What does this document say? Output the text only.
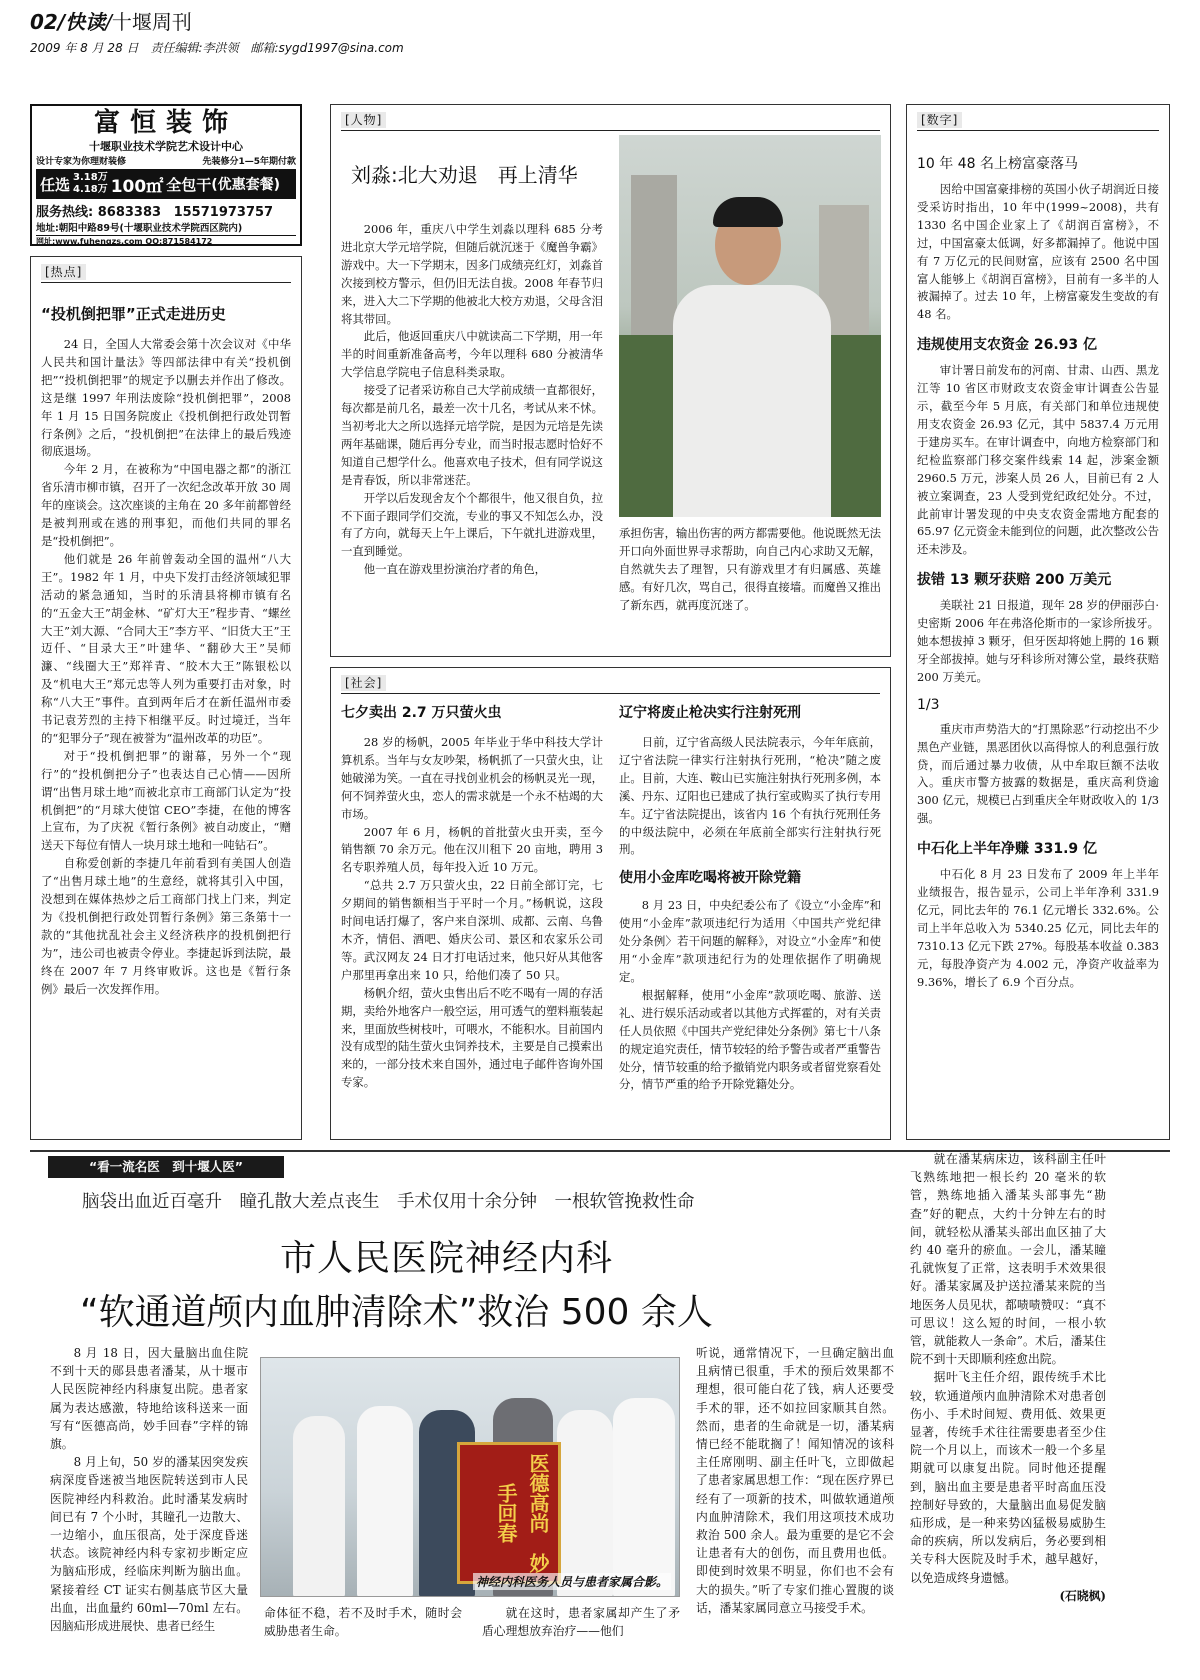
02/快读/十堰周刊
2009 年 8 月 28 日　责任编辑:李洪领　邮箱:sygd1997@sina.com
富恒装饰
十堰职业技术学院艺术设计中心
设计专家为你理财装修	先装修分1—5年期付款
任选 3.18万
4.18万 100㎡ 全包干 (优惠套餐)
服务热线: 8683383 15571973757
地址:朝阳中路89号(十堰职业技术学院西区院内)
网址:www.fuhengzs.com QQ:871584172
[热点]
“投机倒把罪”正式走进历史

24 日，全国人大常委会第十次会议对《中华人民共和国计量法》等四部法律中有关“投机倒把”“投机倒把罪”的规定予以删去并作出了修改。这是继 1997 年刑法废除“投机倒把罪”，2008 年 1 月 15 日国务院废止《投机倒把行政处罚暂行条例》之后，“投机倒把”在法律上的最后残迹彻底退场。

今年 2 月，在被称为“中国电器之都”的浙江省乐清市柳市镇，召开了一次纪念改革开放 30 周年的座谈会。这次座谈的主角在 20 多年前都曾经是被判刑或在逃的刑事犯，而他们共同的罪名是“投机倒把”。

他们就是 26 年前曾轰动全国的温州“八大王”。1982 年 1 月，中央下发打击经济领域犯罪活动的紧急通知，当时的乐清县将柳市镇有名的“五金大王”胡金林、“矿灯大王”程步青、“螺丝大王”刘大源、“合同大王”李方平、“旧货大王”王迈仟、“目录大王”叶建华、“翻砂大王”吴师濂、“线圈大王”郑祥青、“胶木大王”陈银松以及“机电大王”郑元忠等人列为重要打击对象，时称“八大王”事件。直到两年后才在新任温州市委书记袁芳烈的主持下相继平反。时过境迁，当年的“犯罪分子”现在被誉为“温州改革的功臣”。

对于“投机倒把罪”的谢幕，另外一个“现行”的“投机倒把分子”也表达自己心情——因所谓“出售月球土地”而被北京市工商部门认定为“投机倒把”的“月球大使馆 CEO”李捷，在他的博客上宣布，为了庆祝《暂行条例》被自动废止，“赠送天下每位有情人一块月球土地和一吨钻石”。

自称爱创新的李捷几年前看到有美国人创造了“出售月球土地”的生意经，就将其引入中国，没想到在媒体热炒之后工商部门找上门来，判定为《投机倒把行政处罚暂行条例》第三条第十一款的“其他扰乱社会主义经济秩序的投机倒把行为”，违公司也被责令停业。李捷起诉到法院，最终在 2007 年 7 月终审败诉。这也是《暂行条例》最后一次发挥作用。

[人物]
刘淼:北大劝退　再上清华

2006 年，重庆八中学生刘淼以理科 685 分考进北京大学元培学院，但随后就沉迷于《魔兽争霸》游戏中。大一下学期末，因多门成绩亮红灯，刘淼首次接到校方警示，但仍旧无法自拔。2008 年春节归来，进入大二下学期的他被北大校方劝退，父母含泪将其带回。

此后，他返回重庆八中就读高二下学期，用一年半的时间重新准备高考，今年以理科 680 分被清华大学信息学院电子信息科类录取。

接受了记者采访称自己大学前成绩一直都很好，每次都是前几名，最差一次十几名，考试从来不怵。当初考北大之所以选择元培学院，是因为元培是先读两年基础课，随后再分专业，而当时报志愿时恰好不知道自己想学什么。他喜欢电子技术，但有同学说这是青春饭，所以非常迷茫。

开学以后发现舍友个个都很牛，他又很自负，拉不下面子跟同学们交流，专业的事又不知怎么办，没有了方向，就每天上午上课后，下午就扎进游戏里，一直到睡觉。

他一直在游戏里扮演治疗者的角色，

承担伤害，输出伤害的两方都需要他。他说既然无法开口向外面世界寻求帮助，向自己内心求助又无解，自然就失去了理智，只有游戏里才有归属感、英雄感。有好几次，骂自己，很得直接墙。而魔兽又推出了新东西，就再度沉迷了。
[社会]
七夕卖出 2.7 万只萤火虫

28 岁的杨帆，2005 年毕业于华中科技大学计算机系。当年与女友吵架，杨帆抓了一只萤火虫，让她破涕为笑。一直在寻找创业机会的杨帆灵光一现，何不饲养萤火虫，恋人的需求就是一个永不枯竭的大市场。

2007 年 6 月，杨帆的首批萤火虫开卖，至今销售额 70 余万元。他在汉川租下 20 亩地，聘用 3 名专职养殖人员，每年投入近 10 万元。

“总共 2.7 万只萤火虫，22 日前全部订完，七夕期间的销售额相当于平时一个月。”杨帆说，这段时间电话打爆了，客户来自深圳、成都、云南、乌鲁木齐，情侣、酒吧、婚庆公司、景区和农家乐公司等。武汉网友 24 日才打电话过来，他只好从其他客户那里再拿出来 10 只，给他们凑了 50 只。

杨帆介绍，萤火虫售出后不吃不喝有一周的存活期，卖给外地客户一般空运，用可透气的塑料瓶装起来，里面放些树枝叶，可喂水，不能积水。目前国内没有成型的陆生萤火虫饲养技术，主要是自己摸索出来的，一部分技术来自国外，通过电子邮件咨询外国专家。

辽宁将废止枪决实行注射死刑

日前，辽宁省高级人民法院表示，今年年底前，辽宁省法院一律实行注射执行死刑，“枪决”随之废止。目前，大连、鞍山已实施注射执行死刑多例，本溪、丹东、辽阳也已建成了执行室或购买了执行专用车。辽宁省法院提出，该省内 16 个有执行死刑任务的中级法院中，必须在年底前全部实行注射执行死刑。

使用小金库吃喝将被开除党籍

8 月 23 日，中央纪委公布了《设立“小金库”和使用“小金库”款项违纪行为适用〈中国共产党纪律处分条例〉若干问题的解释》，对设立“小金库”和使用“小金库”款项违纪行为的处理依据作了明确规定。

根据解释，使用“小金库”款项吃喝、旅游、送礼、进行娱乐活动或者以其他方式挥霍的，对有关责任人员依照《中国共产党纪律处分条例》第七十八条的规定追究责任，情节较轻的给予警告或者严重警告处分，情节较重的给予撤销党内职务或者留党察看处分，情节严重的给予开除党籍处分。

[数字]
10 年 48 名上榜富豪落马
因给中国富豪排榜的英国小伙子胡润近日接受采访时指出，10 年中(1999~2008)，共有 1330 名中国企业家上了《胡润百富榜》，不过，中国富豪太低调，好多都漏掉了。他说中国有 7 万亿元的民间财富，应该有 2500 名中国富人能够上《胡润百富榜》，目前有一多半的人被漏掉了。过去 10 年，上榜富豪发生变故的有 48 名。
违规使用支农资金 26.93 亿
审计署日前发布的河南、甘肃、山西、黑龙江等 10 省区市财政支农资金审计调查公告显示，截至今年 5 月底，有关部门和单位违规使用支农资金 26.93 亿元，其中 5837.4 万元用于建房买车。在审计调查中，向地方检察部门和纪检监察部门移交案件线索 14 起，涉案金额 2960.5 万元，涉案人员 26 人，目前已有 2 人被立案调查，23 人受到党纪政纪处分。不过，此前审计署发现的中央支农资金需地方配套的 65.97 亿元资金未能到位的问题，此次整改公告还未涉及。
拔错 13 颗牙获赔 200 万美元
美联社 21 日报道，现年 28 岁的伊丽莎白·史密斯 2006 年在弗洛伦斯市的一家诊所拔牙。她本想拔掉 3 颗牙，但牙医却将她上腭的 16 颗牙全部拔掉。她与牙科诊所对簿公堂，最终获赔 200 万美元。
1/3
重庆市声势浩大的“打黑除恶”行动挖出不少黑色产业链，黑恶团伙以高得惊人的利息强行放贷，而后通过暴力收债，从中牟取巨额不法收入。重庆市警方披露的数据是，重庆高利贷逾 300 亿元，规模已占到重庆全年财政收入的 1/3 强。
中石化上半年净赚 331.9 亿
中石化 8 月 23 日发布了 2009 年上半年业绩报告，报告显示，公司上半年净利 331.9 亿元，同比去年的 76.1 亿元增长 332.6%。公司上半年总收入为 5340.25 亿元，同比去年的 7310.13 亿元下跌 27%。每股基本收益 0.383 元，每股净资产为 4.002 元，净资产收益率为 9.36%，增长了 6.9 个百分点。
“看一流名医　到十堰人医”
脑袋出血近百毫升　瞳孔散大差点丧生　手术仅用十余分钟　一根软管挽救性命
市人民医院神经内科
“软通道颅内血肿清除术”救治 500 余人

8 月 18 日，因大量脑出血住院不到十天的郧县患者潘某，从十堰市人民医院神经内科康复出院。患者家属为表达感激，特地给该科送来一面写有“医德高尚，妙手回春”字样的锦旗。

8 月上旬，50 岁的潘某因突发疾病深度昏迷被当地医院转送到市人民医院神经内科救治。此时潘某发病时间已有 7 个小时，其瞳孔一边散大、一边缩小，血压很高，处于深度昏迷状态。该院神经内科专家初步断定应为脑疝形成，经临床判断为脑出血。紧接着经 CT 证实右侧基底节区大量出血，出血量约 60ml—70ml 左右。因脑疝形成进展快、患者已经生

医德高尚　妙手回春
神经内科医务人员与患者家属合影。
命体征不稳，若不及时手术，随时会威胁患者生命。
就在这时，患者家属却产生了矛盾心理想放弃治疗——他们

听说，通常情况下，一旦确定脑出血且病情已很重，手术的预后效果都不理想，很可能白花了钱，病人还要受手术的罪，还不如拉回家顺其自然。然而，患者的生命就是一切，潘某病情已经不能耽搁了！闻知情况的该科主任席刚明、副主任叶飞，立即做起了患者家属思想工作：“现在医疗界已经有了一项新的技术，叫做软通道颅内血肿清除术，我们用这项技术成功救治 500 余人。最为重要的是它不会让患者有大的创伤，而且费用也低。即使到时效果不明显，你们也不会有大的损失。”听了专家们推心置腹的谈话，潘某家属同意立马接受手术。

就在潘某病床边，该科副主任叶飞熟练地把一根长约 20 毫米的软管，熟练地插入潘某头部事先“勘查”好的靶点，大约十分钟左右的时间，就轻松从潘某头部出血区抽了大约 40 毫升的瘀血。一会儿，潘某瞳孔就恢复了正常，这表明手术效果很好。潘某家属及护送拉潘某来院的当地医务人员见状，都啧啧赞叹：“真不可思议！这么短的时间，一根小软管，就能救人一条命”。术后，潘某住院不到十天即顺利痊愈出院。

据叶飞主任介绍，跟传统手术比较，软通道颅内血肿清除术对患者创伤小、手术时间短、费用低、效果更显著，传统手术往往需要患者至少住院一个月以上，而该术一般一个多星期就可以康复出院。同时他还提醒到，脑出血主要是患者平时高血压没控制好导致的，大量脑出血易促发脑疝形成，是一种来势凶猛极易威胁生命的疾病，所以发病后，务必要到相关专科大医院及时手术，越早越好，以免造成终身遗憾。

(石晓枫)
